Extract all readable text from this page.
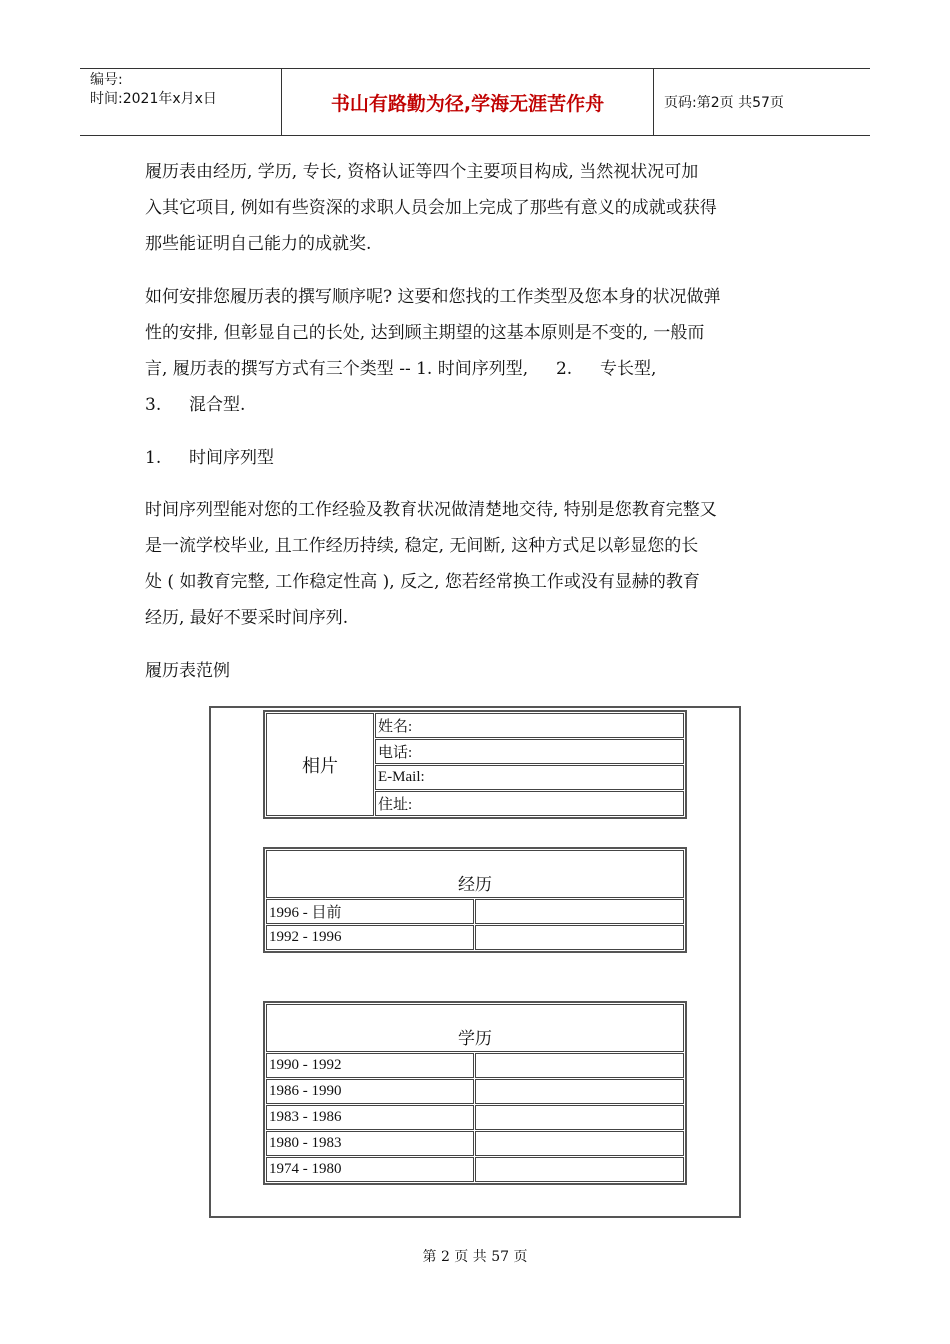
编号:
时间:2021年x月x日	书山有路勤为径,学海无涯苦作舟	页码:第2页 共57页
履历表由经历, 学历, 专长, 资格认证等四个主要项目构成, 当然视状况可加
入其它项目, 例如有些资深的求职人员会加上完成了那些有意义的成就或获得
那些能证明自己能力的成就奖.
如何安排您履历表的撰写顺序呢? 这要和您找的工作类型及您本身的状况做弹
性的安排, 但彰显自己的长处, 达到顾主期望的这基本原则是不变的, 一般而
言, 履历表的撰写方式有三个类型 -- 1. 时间序列型, 　 2. 　 专长型,
3. 　 混合型.
1. 　 时间序列型
时间序列型能对您的工作经验及教育状况做清楚地交待, 特别是您教育完整又
是一流学校毕业, 且工作经历持续, 稳定, 无间断, 这种方式足以彰显您的长
处 ( 如教育完整, 工作稳定性高 ), 反之, 您若经常换工作或没有显赫的教育
经历, 最好不要采时间序列.
履历表范例
相片	姓名:
电话:
E-Mail:
住址:
经历	
1996 - 目前	
1992 - 1996	
学历	
1990 - 1992	
1986 - 1990	
1983 - 1986	
1980 - 1983	
1974 - 1980	
第 2 页 共 57 页
